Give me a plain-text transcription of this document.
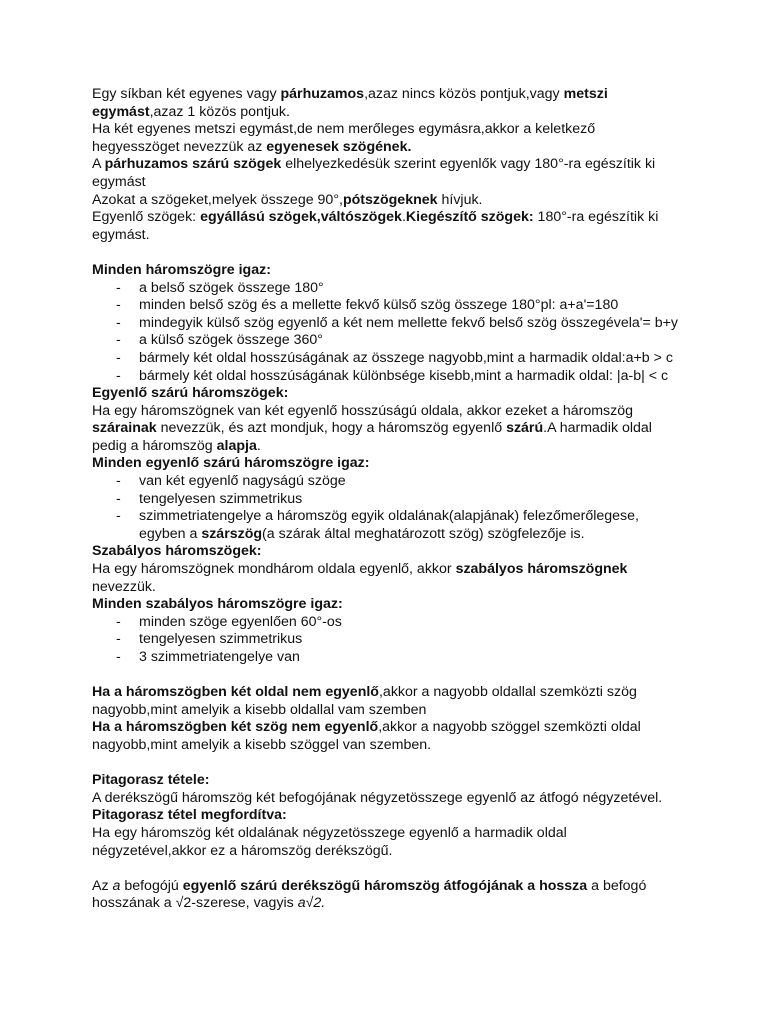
Egy síkban két egyenes vagy párhuzamos,azaz nincs közös pontjuk,vagy metszi egymást,azaz 1 közös pontjuk.

Ha két egyenes metszi egymást,de nem merőleges egymásra,akkor a keletkező hegyesszöget nevezzük az egyenesek szögének.

A párhuzamos szárú szögek elhelyezkedésük szerint egyenlők vagy 180°-ra egészítik ki egymást

Azokat a szögeket,melyek összege 90°,pótszögeknek hívjuk.

Egyenlő szögek: egyállású szögek,váltószögek.Kiegészítő szögek: 180°-ra egészítik ki egymást.

Minden háromszögre igaz:

- a belső szögek összege 180°
- minden belső szög és a mellette fekvő külső szög összege 180°pl: a+a'=180
- mindegyik külső szög egyenlő a két nem mellette fekvő belső szög összegévela'= b+y
- a külső szögek összege 360°
- bármely két oldal hosszúságának az összege nagyobb,mint a harmadik oldal:a+b > c
- bármely két oldal hosszúságának különbsége kisebb,mint a harmadik oldal: |a-b| < c

Egyenlő szárú háromszögek:

Ha egy háromszögnek van két egyenlő hosszúságú oldala, akkor ezeket a háromszög szárainak nevezzük, és azt mondjuk, hogy a háromszög egyenlő szárú.A harmadik oldal pedig a háromszög alapja.

Minden egyenlő szárú háromszögre igaz:

- van két egyenlő nagyságú szöge
- tengelyesen szimmetrikus
- szimmetriatengelye a háromszög egyik oldalának(alapjának) felezőmerőlegese, egyben a szárszög(a szárak által meghatározott szög) szögfelezője is.

Szabályos háromszögek:

Ha egy háromszögnek mondhárom oldala egyenlő, akkor szabályos háromszögnek nevezzük.

Minden szabályos háromszögre igaz:

- minden szöge egyenlően 60°-os
- tengelyesen szimmetrikus
- 3 szimmetriatengelye van

Ha a háromszögben két oldal nem egyenlő,akkor a nagyobb oldallal szemközti szög nagyobb,mint amelyik a kisebb oldallal vam szemben

Ha a háromszögben két szög nem egyenlő,akkor a nagyobb szöggel szemközti oldal nagyobb,mint amelyik a kisebb szöggel van szemben.

Pitagorasz tétele:

A derékszögű háromszög két befogójának négyzetösszege egyenlő az átfogó négyzetével.

Pitagorasz tétel megfordítva:

Ha egy háromszög két oldalának négyzetösszege egyenlő a harmadik oldal négyzetével,akkor ez a háromszög derékszögű.

Az a befogójú egyenlő szárú derékszögű háromszög átfogójának a hossza a befogó hosszának a √2-szerese, vagyis a√2.
